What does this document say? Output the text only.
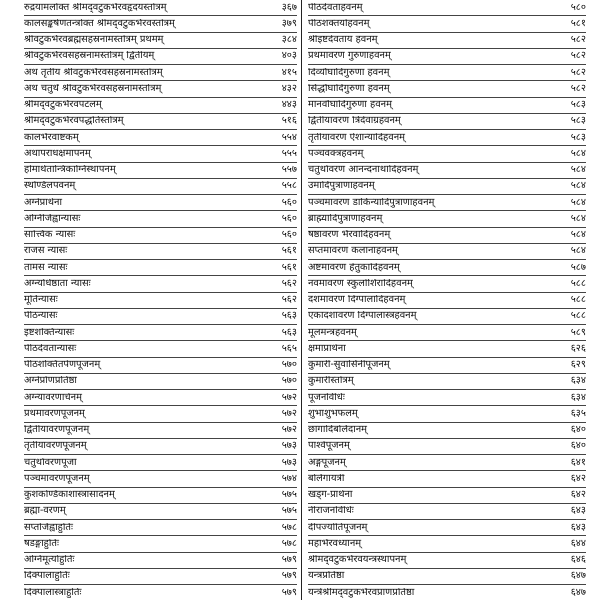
रुद्रयामलोक्त श्रीमद्‍वटुकभैरवहृदयस्तोत्रम्	३६७
कालसङ्कर्षणतन्त्रोक्त श्रीमद्‍वटुकभैरवस्तोत्रम्	३७९
श्रीवटुकभैरवब्रह्मसहस्रनामस्तोत्रम् प्रथमम्	३८४
श्रीवटुकभैरवसहस्रनामस्तोत्रम् द्वितीयम्	४०३
अथ तृतीयं श्रीवटुकभैरवसहस्रनामस्तोत्रम्	४१५
अथ चतुर्थं श्रीवटुकभैरवसहस्रनामस्तोत्रम्	४३२
श्रीमद्‍वटुकभैरवपटलम्	४४३
श्रीमद्‍वटुकभैरवपद्धतिस्तोत्रम्	५१६
कालभैरवाष्टकम्	५५४
अथापराधक्षमापनम्	५५५
होमार्थतान्त्रिकाग्निस्थापनम्	५५७
स्थण्डिलपवनम्	५५८
अग्नेप्रार्थना	५६०
अग्निजिह्वान्यासः	५६०
सात्त्विक न्यासः	५६०
राजस न्यासः	५६१
तामस न्यासः	५६१
अग्न्यधिष्ठाता न्यासः	५६२
मूर्तिन्यासः	५६२
पीठन्यासः	५६३
इष्टशक्तिन्यासः	५६३
पीठदेवतान्यासः	५६५
पीठशक्तितर्पणपूजनम्	५७०
अग्नेर्प्राणप्रतिष्ठा	५७०
अग्न्यावरणार्चनम्	५७२
प्रथमावरणपूजनम्	५७२
द्वितीयावरणपूजनम्	५७२
तृतीयावरणपूजनम्	५७३
चतुर्थावरणपूजा	५७३
पञ्चमावरणपूजनम्	५७४
कुशकण्डिकाशास्त्रासादनम्	५७५
ब्रह्मा-वरणम्	५७५
सप्तजिह्वाहुतिः	५७८
षडङ्गाहुतिः	५७८
अग्निमूर्त्याहुतिः	५७९
दिक्पालाहुतिः	५७९
दिक्पालास्त्राहुतिः	५७९
पीठदेवताहवनम्	५८०
पीठशक्तयोहवनम्	५८१
श्रीइष्टदेवताय हवनम्	५८२
प्रथमावरणं गुरुणांहवनम्	५८२
दिव्यौघादिगुरुणां हवनम्	५८२
सिद्धौघादिगुरुणां हवनम्	५८२
मानवौघादिगुरुणां हवनम्	५८३
द्वितीयावरणं त्रिदेवाग्रहवनम्	५८३
तृतीयावरणं ऐशान्यादिहवनम्	५८३
पञ्चवक्त्रहवनम्	५८४
चतुर्थावरणं आनन्दनाथादिहवनम्	५८४
उमादिपुत्राणांहवनम्	५८४
पञ्चमावरणं डाकिन्यादिपुत्राणांहवनम्	५८४
ब्राह्म्यादिपुत्राणांहवनम्	५८४
षष्ठावरणं भैरवादिहवनम्	५८४
सप्तमावरणं कलानांहवनम्	५८४
अष्टमावरणं हेतुकादिहवनम्	५८७
नवमावरणं स्कुलोशिरादिहवनम्	५८८
दशमावरणं दिग्पालादिहवनम्	५८८
एकादशावरणं दिग्पालास्त्रहवनम्	५८८
मूलमन्त्रहवनम्	५८९
क्षमाप्रार्थना	६२६
कुमारी-सुवासिनीपूजनम्	६२९
कुमारीस्तोत्रम्	६३४
पूजनविधिः	६३४
शुभाशुभफलम्	६३५
छागादिबलिदानम्	६४०
पार्श्वपूजनम्	६४०
अङ्गपूजनम्	६४१
बलिगायत्री	६४२
खड्ग-प्रार्थना	६४२
नीराजनविधिः	६४३
दीपज्योतिपूजनम्	६४३
महाभैरवध्यानम्	६४४
श्रीमद्‍वटुकभैरवयन्त्रस्थापनम्	६४६
यन्त्रप्रतिष्ठा	६४७
यन्त्रेश्रीमद्‍वटुकभैरवप्राणप्रतिष्ठा	६४७
